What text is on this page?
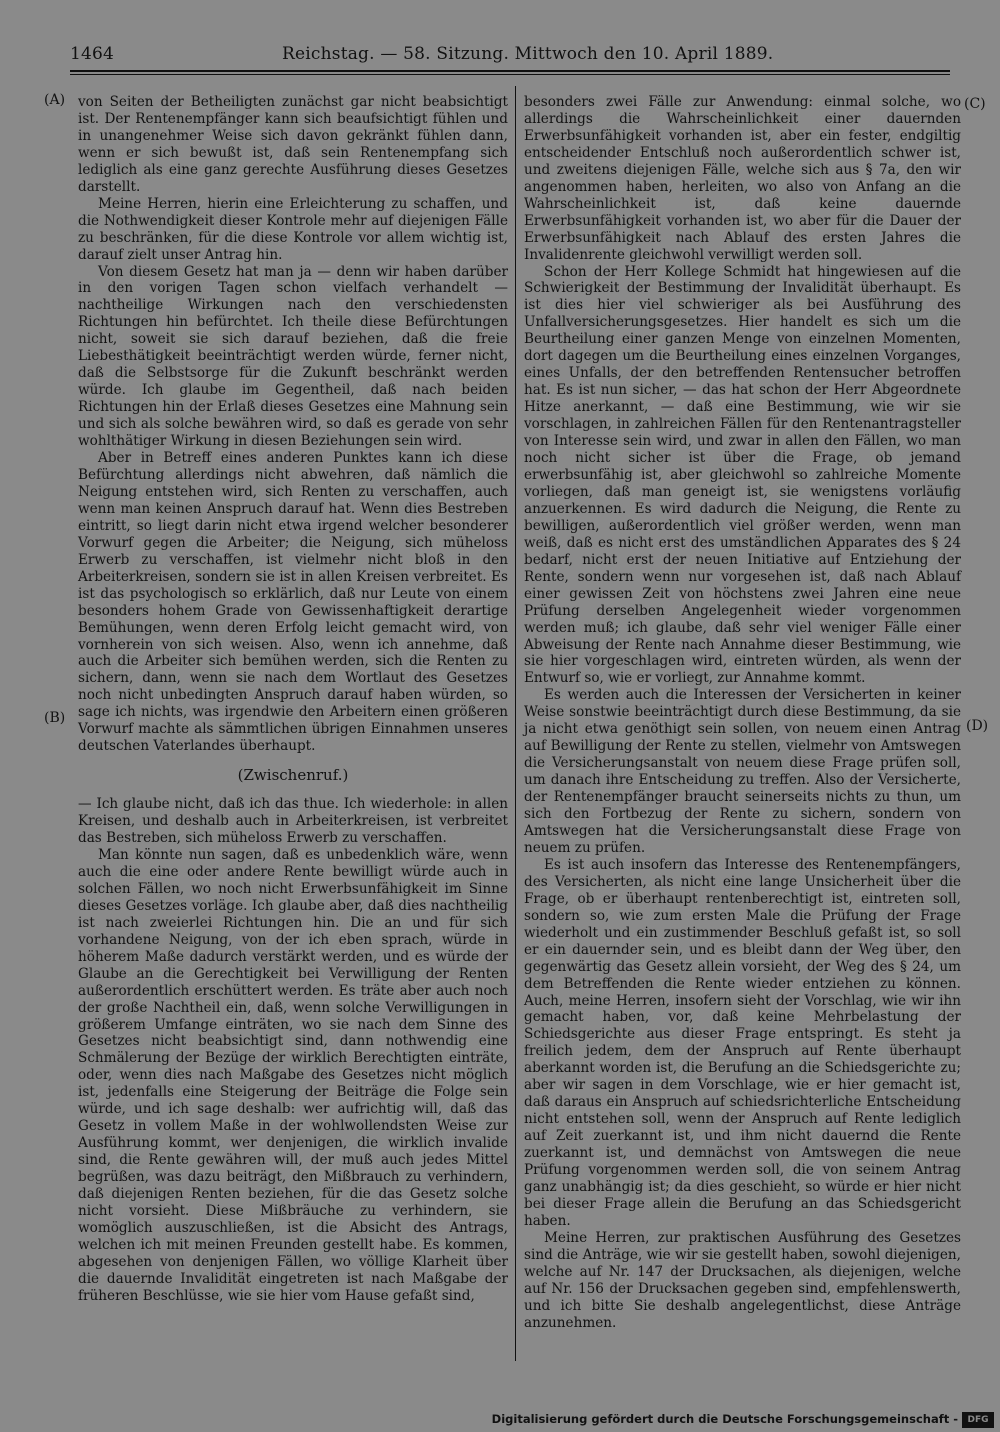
1464	Reichstag. — 58. Sitzung. Mittwoch den 10. April 1889.
(A)
(B)
(C)
(D)

von Seiten der Betheiligten zunächst gar nicht beabsichtigt ist. Der Rentenempfänger kann sich beaufsichtigt fühlen und in unangenehmer Weise sich davon gekränkt fühlen dann, wenn er sich bewußt ist, daß sein Rentenempfang sich lediglich als eine ganz gerechte Ausführung dieses Gesetzes darstellt.

Meine Herren, hierin eine Erleichterung zu schaffen, und die Nothwendigkeit dieser Kontrole mehr auf diejenigen Fälle zu beschränken, für die diese Kontrole vor allem wichtig ist, darauf zielt unser Antrag hin.

Von diesem Gesetz hat man ja — denn wir haben darüber in den vorigen Tagen schon vielfach verhandelt — nachtheilige Wirkungen nach den verschiedensten Richtungen hin befürchtet. Ich theile diese Befürchtungen nicht, soweit sie sich darauf beziehen, daß die freie Liebesthätigkeit beeinträchtigt werden würde, ferner nicht, daß die Selbstsorge für die Zukunft beschränkt werden würde. Ich glaube im Gegentheil, daß nach beiden Richtungen hin der Erlaß dieses Gesetzes eine Mahnung sein und sich als solche bewähren wird, so daß es gerade von sehr wohlthätiger Wirkung in diesen Beziehungen sein wird.

Aber in Betreff eines anderen Punktes kann ich diese Befürchtung allerdings nicht abwehren, daß nämlich die Neigung entstehen wird, sich Renten zu verschaffen, auch wenn man keinen Anspruch darauf hat. Wenn dies Bestreben eintritt, so liegt darin nicht etwa irgend welcher besonderer Vorwurf gegen die Arbeiter; die Neigung, sich müheloss Erwerb zu verschaffen, ist vielmehr nicht bloß in den Arbeiterkreisen, sondern sie ist in allen Kreisen verbreitet. Es ist das psychologisch so erklärlich, daß nur Leute von einem besonders hohem Grade von Gewissenhaftigkeit derartige Bemühungen, wenn deren Erfolg leicht gemacht wird, von vornherein von sich weisen. Also, wenn ich annehme, daß auch die Arbeiter sich bemühen werden, sich die Renten zu sichern, dann, wenn sie nach dem Wortlaut des Gesetzes noch nicht unbedingten Anspruch darauf haben würden, so sage ich nichts, was irgendwie den Arbeitern einen größeren Vorwurf machte als sämmtlichen übrigen Einnahmen unseres deutschen Vaterlandes überhaupt.

(Zwischenruf.)

— Ich glaube nicht, daß ich das thue. Ich wiederhole: in allen Kreisen, und deshalb auch in Arbeiterkreisen, ist verbreitet das Bestreben, sich müheloss Erwerb zu verschaffen.

Man könnte nun sagen, daß es unbedenklich wäre, wenn auch die eine oder andere Rente bewilligt würde auch in solchen Fällen, wo noch nicht Erwerbsunfähigkeit im Sinne dieses Gesetzes vorläge. Ich glaube aber, daß dies nachtheilig ist nach zweierlei Richtungen hin. Die an und für sich vorhandene Neigung, von der ich eben sprach, würde in höherem Maße dadurch verstärkt werden, und es würde der Glaube an die Gerechtigkeit bei Verwilligung der Renten außerordentlich erschüttert werden. Es träte aber auch noch der große Nachtheil ein, daß, wenn solche Verwilligungen in größerem Umfange einträten, wo sie nach dem Sinne des Gesetzes nicht beabsichtigt sind, dann nothwendig eine Schmälerung der Bezüge der wirklich Berechtigten einträte, oder, wenn dies nach Maßgabe des Gesetzes nicht möglich ist, jedenfalls eine Steigerung der Beiträge die Folge sein würde, und ich sage deshalb: wer aufrichtig will, daß das Gesetz in vollem Maße in der wohlwollendsten Weise zur Ausführung kommt, wer denjenigen, die wirklich invalide sind, die Rente gewähren will, der muß auch jedes Mittel begrüßen, was dazu beiträgt, den Mißbrauch zu verhindern, daß diejenigen Renten beziehen, für die das Gesetz solche nicht vorsieht. Diese Mißbräuche zu verhindern, sie womöglich auszuschließen, ist die Absicht des Antrags, welchen ich mit meinen Freunden gestellt habe. Es kommen, abgesehen von denjenigen Fällen, wo völlige Klarheit über die dauernde Invalidität eingetreten ist nach Maßgabe der früheren Beschlüsse, wie sie hier vom Hause gefaßt sind,

besonders zwei Fälle zur Anwendung: einmal solche, wo allerdings die Wahrscheinlichkeit einer dauernden Erwerbsunfähigkeit vorhanden ist, aber ein fester, endgiltig entscheidender Entschluß noch außerordentlich schwer ist, und zweitens diejenigen Fälle, welche sich aus § 7a, den wir angenommen haben, herleiten, wo also von Anfang an die Wahrscheinlichkeit ist, daß keine dauernde Erwerbsunfähigkeit vorhanden ist, wo aber für die Dauer der Erwerbsunfähigkeit nach Ablauf des ersten Jahres die Invalidenrente gleichwohl verwilligt werden soll.

Schon der Herr Kollege Schmidt hat hingewiesen auf die Schwierigkeit der Bestimmung der Invalidität überhaupt. Es ist dies hier viel schwieriger als bei Ausführung des Unfallversicherungsgesetzes. Hier handelt es sich um die Beurtheilung einer ganzen Menge von einzelnen Momenten, dort dagegen um die Beurtheilung eines einzelnen Vorganges, eines Unfalls, der den betreffenden Rentensucher betroffen hat. Es ist nun sicher, — das hat schon der Herr Abgeordnete Hitze anerkannt, — daß eine Bestimmung, wie wir sie vorschlagen, in zahlreichen Fällen für den Rentenantragsteller von Interesse sein wird, und zwar in allen den Fällen, wo man noch nicht sicher ist über die Frage, ob jemand erwerbsunfähig ist, aber gleichwohl so zahlreiche Momente vorliegen, daß man geneigt ist, sie wenigstens vorläufig anzuerkennen. Es wird dadurch die Neigung, die Rente zu bewilligen, außerordentlich viel größer werden, wenn man weiß, daß es nicht erst des umständlichen Apparates des § 24 bedarf, nicht erst der neuen Initiative auf Entziehung der Rente, sondern wenn nur vorgesehen ist, daß nach Ablauf einer gewissen Zeit von höchstens zwei Jahren eine neue Prüfung derselben Angelegenheit wieder vorgenommen werden muß; ich glaube, daß sehr viel weniger Fälle einer Abweisung der Rente nach Annahme dieser Bestimmung, wie sie hier vorgeschlagen wird, eintreten würden, als wenn der Entwurf so, wie er vorliegt, zur Annahme kommt.

Es werden auch die Interessen der Versicherten in keiner Weise sonstwie beeinträchtigt durch diese Bestimmung, da sie ja nicht etwa genöthigt sein sollen, von neuem einen Antrag auf Bewilligung der Rente zu stellen, vielmehr von Amtswegen die Versicherungsanstalt von neuem diese Frage prüfen soll, um danach ihre Entscheidung zu treffen. Also der Versicherte, der Rentenempfänger braucht seinerseits nichts zu thun, um sich den Fortbezug der Rente zu sichern, sondern von Amtswegen hat die Versicherungsanstalt diese Frage von neuem zu prüfen.

Es ist auch insofern das Interesse des Rentenempfängers, des Versicherten, als nicht eine lange Unsicherheit über die Frage, ob er überhaupt rentenberechtigt ist, eintreten soll, sondern so, wie zum ersten Male die Prüfung der Frage wiederholt und ein zustimmender Beschluß gefaßt ist, so soll er ein dauernder sein, und es bleibt dann der Weg über, den gegenwärtig das Gesetz allein vorsieht, der Weg des § 24, um dem Betreffenden die Rente wieder entziehen zu können. Auch, meine Herren, insofern sieht der Vorschlag, wie wir ihn gemacht haben, vor, daß keine Mehrbelastung der Schiedsgerichte aus dieser Frage entspringt. Es steht ja freilich jedem, dem der Anspruch auf Rente überhaupt aberkannt worden ist, die Berufung an die Schiedsgerichte zu; aber wir sagen in dem Vorschlage, wie er hier gemacht ist, daß daraus ein Anspruch auf schiedsrichterliche Entscheidung nicht entstehen soll, wenn der Anspruch auf Rente lediglich auf Zeit zuerkannt ist, und ihm nicht dauernd die Rente zuerkannt ist, und demnächst von Amtswegen die neue Prüfung vorgenommen werden soll, die von seinem Antrag ganz unabhängig ist; da dies geschieht, so würde er hier nicht bei dieser Frage allein die Berufung an das Schiedsgericht haben.

Meine Herren, zur praktischen Ausführung des Gesetzes sind die Anträge, wie wir sie gestellt haben, sowohl diejenigen, welche auf Nr. 147 der Drucksachen, als diejenigen, welche auf Nr. 156 der Drucksachen gegeben sind, empfehlenswerth, und ich bitte Sie deshalb angelegentlichst, diese Anträge anzunehmen.

Digitalisierung gefördert durch die Deutsche Forschungsgemeinschaft -	DFG
